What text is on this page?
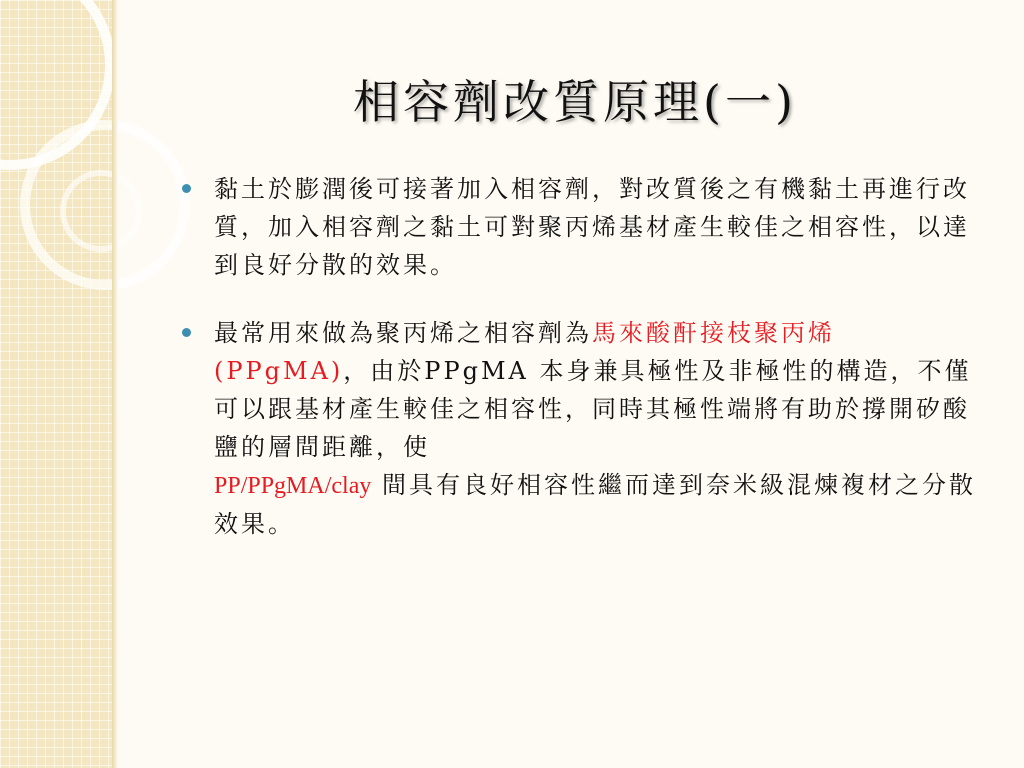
相容劑改質原理(一)
黏土於膨潤後可接著加入相容劑，對改質後之有機黏土再進行改質，加入相容劑之黏土可對聚丙烯基材產生較佳之相容性，以達到良好分散的效果。
最常用來做為聚丙烯之相容劑為馬來酸酐接枝聚丙烯 (PPgMA)，由於PPgMA 本身兼具極性及非極性的構造，不僅可以跟基材產生較佳之相容性，同時其極性端將有助於撐開矽酸鹽的層間距離，使
PP/PPgMA/clay 間具有良好相容性繼而達到奈米級混煉複材之分散效果。
